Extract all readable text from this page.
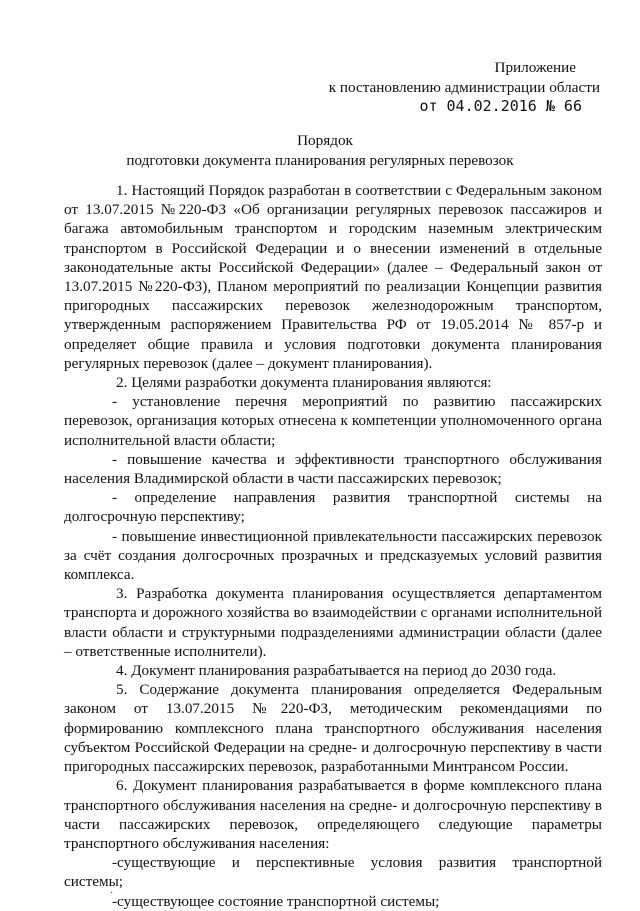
Приложение
к постановлению администрации области
от 04.02.2016 № 66
Порядок
подготовки документа планирования регулярных перевозок

1. Настоящий Порядок разработан в соответствии с Федеральным законом от 13.07.2015 №220-ФЗ «Об организации регулярных перевозок пассажиров и багажа автомобильным транспортом и городским наземным электрическим транспортом в Российской Федерации и о внесении изменений в отдельные законодательные акты Российской Федерации» (далее – Федеральный закон от 13.07.2015 №220-ФЗ), Планом мероприятий по реализации Концепции развития пригородных пассажирских перевозок железнодорожным транспортом, утвержденным распоряжением Правительства РФ от 19.05.2014 № 857-р и определяет общие правила и условия подготовки документа планирования регулярных перевозок (далее – документ планирования).

2. Целями разработки документа планирования являются:

- установление перечня мероприятий по развитию пассажирских перевозок, организация которых отнесена к компетенции уполномоченного органа исполнительной власти области;

- повышение качества и эффективности транспортного обслуживания населения Владимирской области в части пассажирских перевозок;

- определение направления развития транспортной системы на долгосрочную перспективу;

- повышение инвестиционной привлекательности пассажирских перевозок за счёт создания долгосрочных прозрачных и предсказуемых условий развития комплекса.

3. Разработка документа планирования осуществляется департаментом транспорта и дорожного хозяйства во взаимодействии с органами исполнительной власти области и структурными подразделениями администрации области (далее – ответственные исполнители).

4. Документ планирования разрабатывается на период до 2030 года.

5. Содержание документа планирования определяется Федеральным законом от 13.07.2015 №220-ФЗ, методическим рекомендациями по формированию комплексного плана транспортного обслуживания населения субъектом Российской Федерации на средне- и долгосрочную перспективу в части пригородных пассажирских перевозок, разработанными Минтрансом России.

6. Документ планирования разрабатывается в форме комплексного плана транспортного обслуживания населения на средне- и долгосрочную перспективу в части пассажирских перевозок, определяющего следующие параметры транспортного обслуживания населения:

-существующие и перспективные условия развития транспортной системы;

-существующее состояние транспортной системы;

·
